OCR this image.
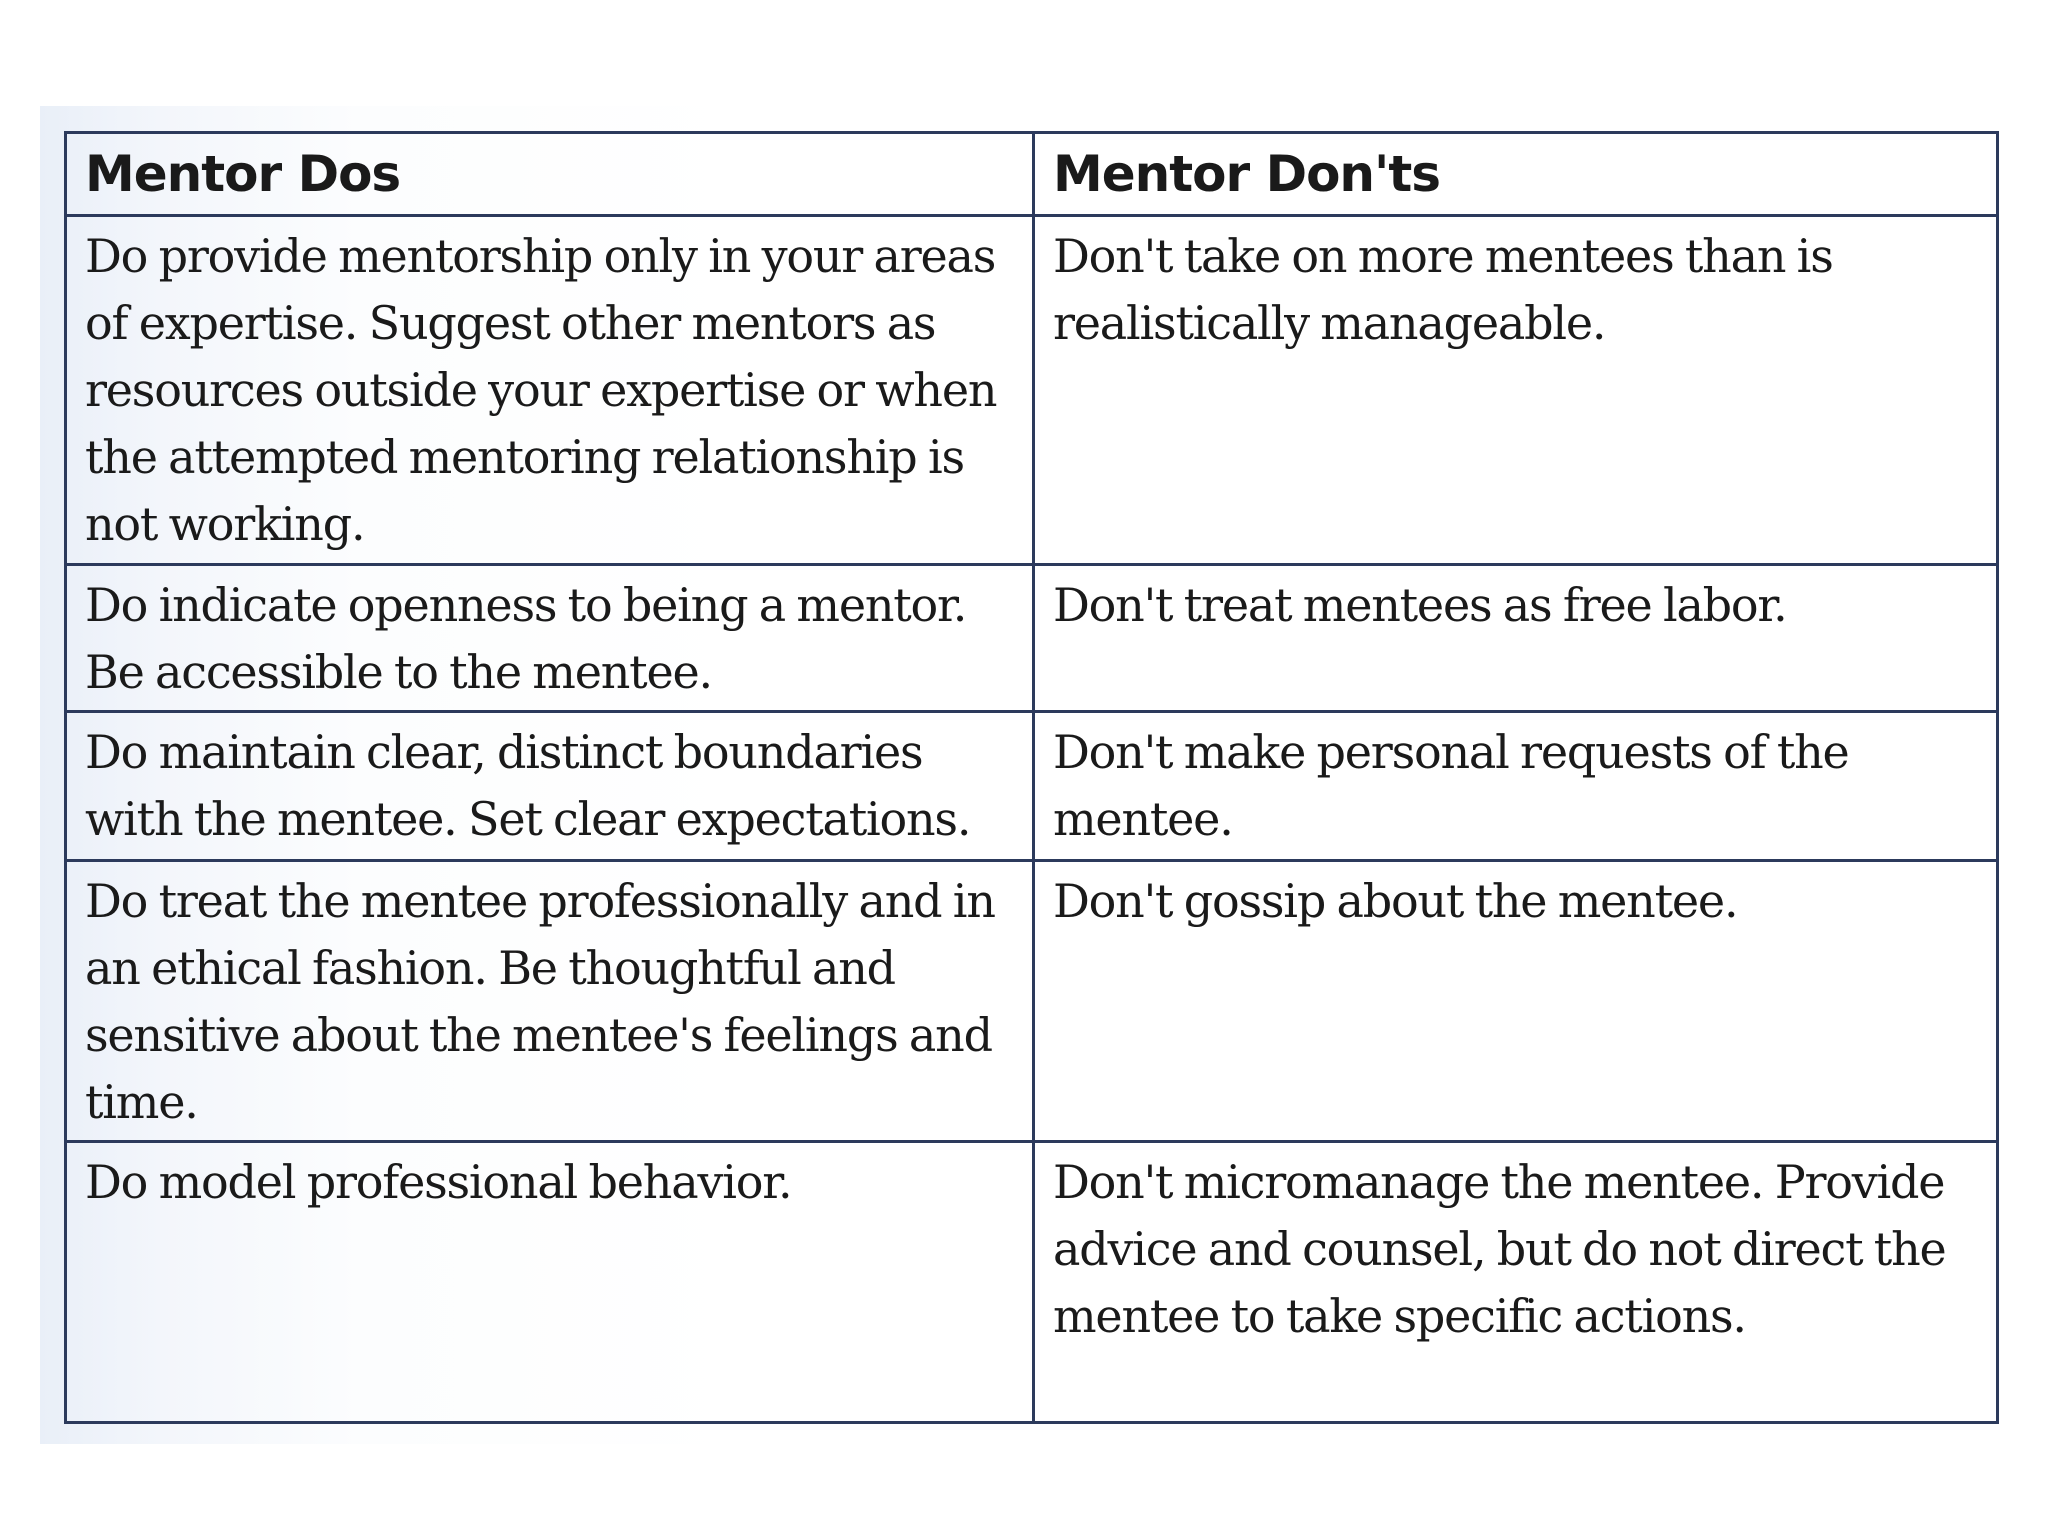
Mentor Dos	Mentor Don'ts
Do provide mentorship only in your areas of expertise. Suggest other mentors as resources outside your expertise or when the attempted mentoring relationship is not working.	Don't take on more mentees than is realistically manageable.
Do indicate openness to being a mentor. Be accessible to the mentee.	Don't treat mentees as free labor.
Do maintain clear, distinct boundaries with the mentee. Set clear expectations.	Don't make personal requests of the mentee.
Do treat the mentee professionally and in an ethical fashion. Be thoughtful and sensitive about the mentee's feelings and time.	Don't gossip about the mentee.
Do model professional behavior.	Don't micromanage the mentee. Provide advice and counsel, but do not direct the mentee to take specific actions.
